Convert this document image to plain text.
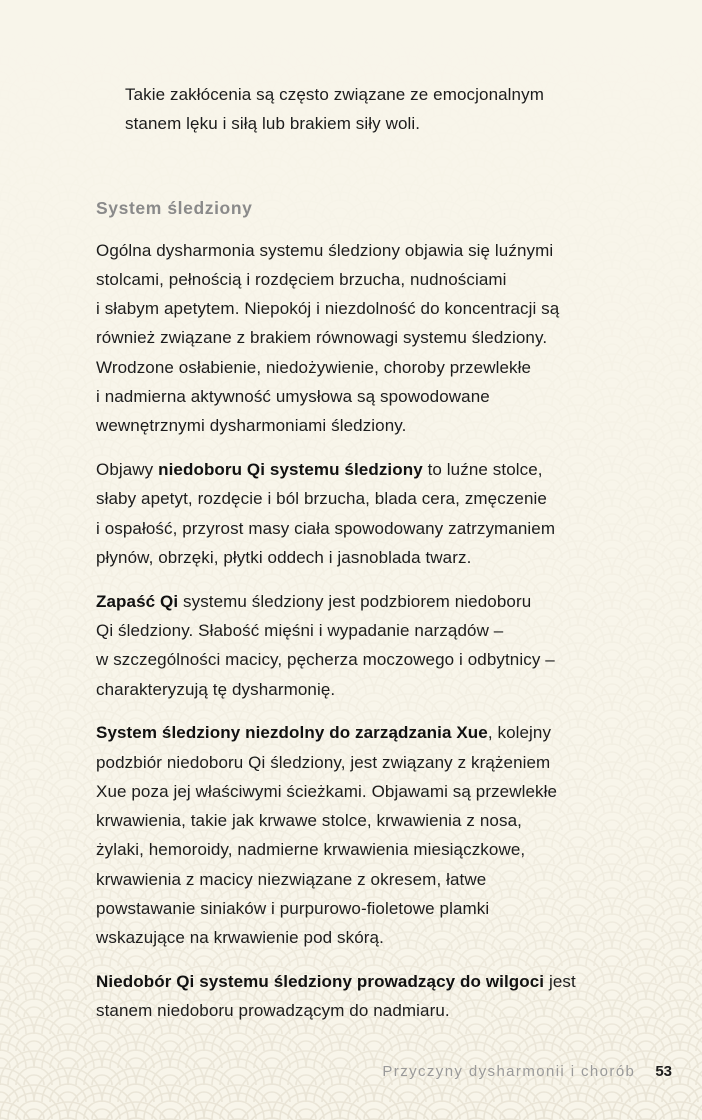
Takie zakłócenia są często związane ze emocjonalnym
stanem lęku i siłą lub brakiem siły woli.

System śledziony

Ogólna dysharmonia systemu śledziony objawia się luźnymi
stolcami, pełnością i rozdęciem brzucha, nudnościami
i słabym apetytem. Niepokój i niezdolność do koncentracji są
również związane z brakiem równowagi systemu śledziony.
Wrodzone osłabienie, niedożywienie, choroby przewlekłe
i nadmierna aktywność umysłowa są spowodowane
wewnętrznymi dysharmoniami śledziony.

Objawy niedoboru Qi systemu śledziony to luźne stolce,
słaby apetyt, rozdęcie i ból brzucha, blada cera, zmęczenie
i ospałość, przyrost masy ciała spowodowany zatrzymaniem
płynów, obrzęki, płytki oddech i jasnoblada twarz.

Zapaść Qi systemu śledziony jest podzbiorem niedoboru
Qi śledziony. Słabość mięśni i wypadanie narządów –
w szczególności macicy, pęcherza moczowego i odbytnicy –
charakteryzują tę dysharmonię.

System śledziony niezdolny do zarządzania Xue, kolejny
podzbiór niedoboru Qi śledziony, jest związany z krążeniem
Xue poza jej właściwymi ścieżkami. Objawami są przewlekłe
krwawienia, takie jak krwawe stolce, krwawienia z nosa,
żylaki, hemoroidy, nadmierne krwawienia miesiączkowe,
krwawienia z macicy niezwiązane z okresem, łatwe
powstawanie siniaków i purpurowo-fioletowe plamki
wskazujące na krwawienie pod skórą.

Niedobór Qi systemu śledziony prowadzący do wilgoci jest
stanem niedoboru prowadzącym do nadmiaru.

Przyczyny dysharmonii i chorób 53
